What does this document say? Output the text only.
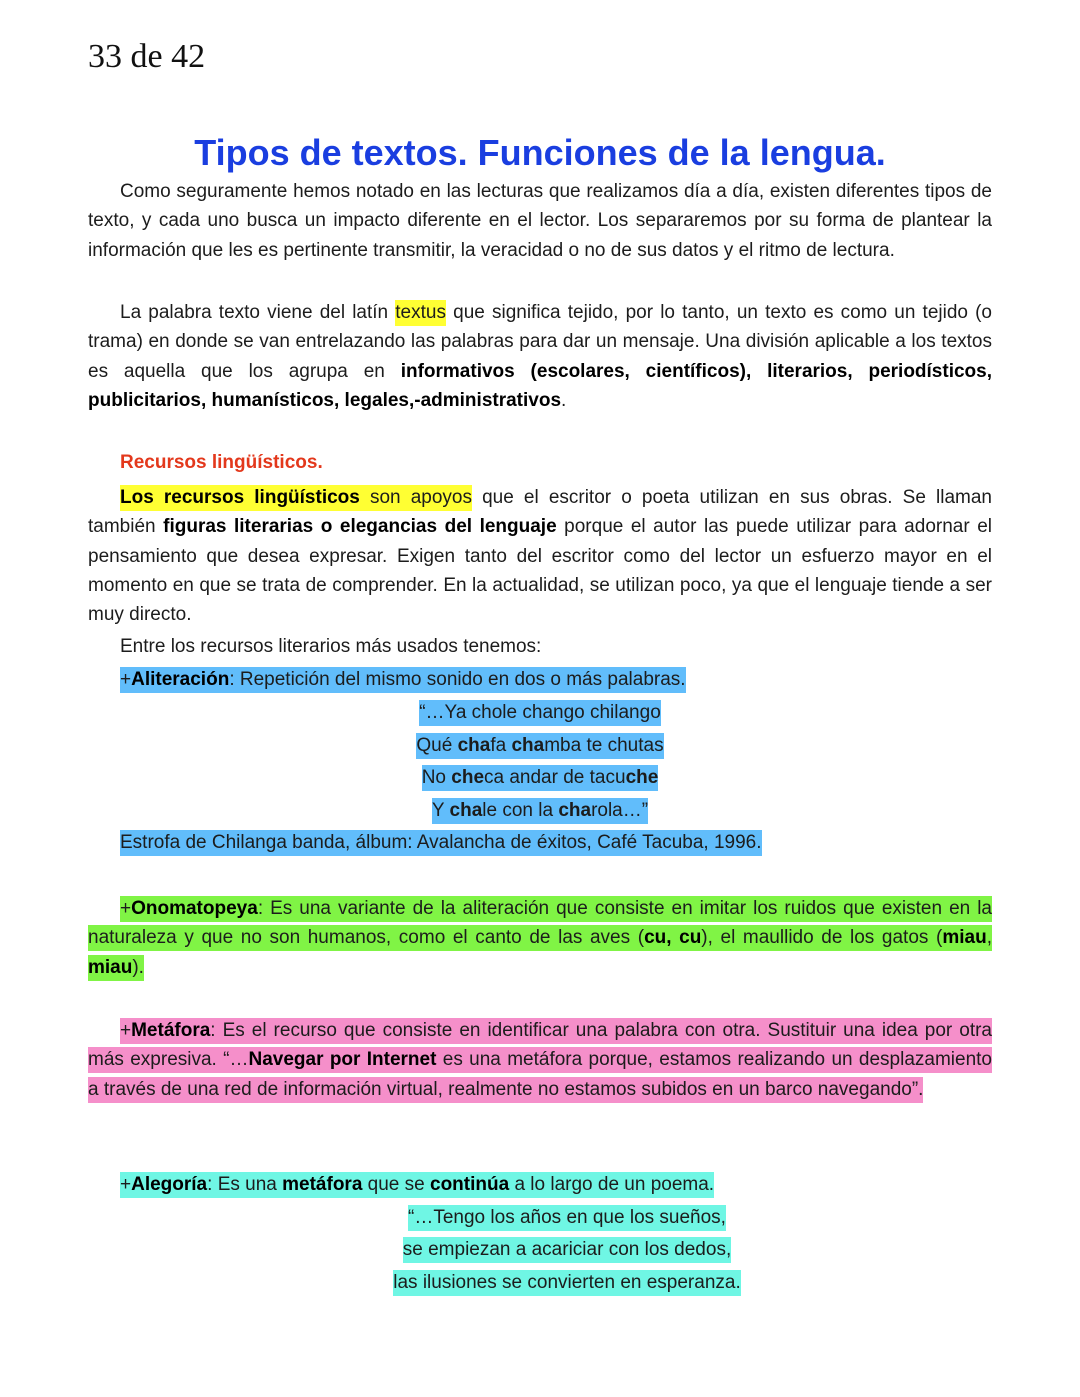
33 de 42
Tipos de textos. Funciones de la lengua.

Como seguramente hemos notado en las lecturas que realizamos día a día, existen diferentes tipos de texto, y cada uno busca un impacto diferente en el lector. Los separaremos por su forma de plantear la información que les es pertinente transmitir, la veracidad o no de sus datos y el ritmo de lectura.

La palabra texto viene del latín textus que significa tejido, por lo tanto, un texto es como un tejido (o trama) en donde se van entrelazando las palabras para dar un mensaje. Una división aplicable a los textos es aquella que los agrupa en informativos (escolares, científicos), literarios, periodísticos, publicitarios, humanísticos, legales,-administrativos.

Recursos lingüísticos.

Los recursos lingüísticos son apoyos que el escritor o poeta utilizan en sus obras. Se llaman también figuras literarias o elegancias del lenguaje porque el autor las puede utilizar para adornar el pensamiento que desea expresar. Exigen tanto del escritor como del lector un esfuerzo mayor en el momento en que se trata de comprender. En la actualidad, se utilizan poco, ya que el lenguaje tiende a ser muy directo.

Entre los recursos literarios más usados tenemos:

+Aliteración: Repetición del mismo sonido en dos o más palabras.

“…Ya chole chango chilango
Qué chafa chamba te chutas
No checa andar de tacuche
Y chale con la charola…”

Estrofa de Chilanga banda, álbum: Avalancha de éxitos, Café Tacuba, 1996.

+Onomatopeya: Es una variante de la aliteración que consiste en imitar los ruidos que existen en la naturaleza y que no son humanos, como el canto de las aves (cu, cu), el maullido de los gatos (miau, miau).

+Metáfora: Es el recurso que consiste en identificar una palabra con otra. Sustituir una idea por otra más expresiva. “…Navegar por Internet es una metáfora porque, estamos realizando un desplazamiento a través de una red de información virtual, realmente no estamos subidos en un barco navegando”.

+Alegoría: Es una metáfora que se continúa a lo largo de un poema.

“…Tengo los años en que los sueños,
se empiezan a acariciar con los dedos,
las ilusiones se convierten en esperanza.
